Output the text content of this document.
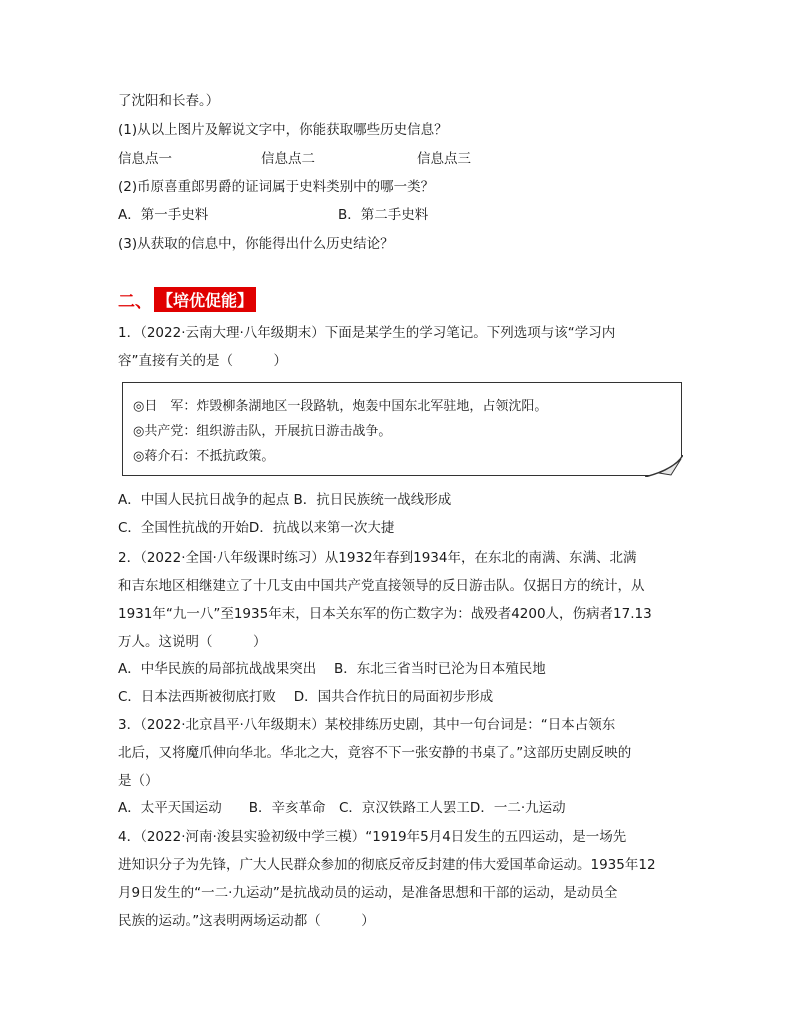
了沈阳和长春。）
(1)从以上图片及解说文字中，你能获取哪些历史信息？
信息点一	信息点二	信息点三
(2)币原喜重郎男爵的证词属于史料类别中的哪一类？
A．第一手史料	B．第二手史料
(3)从获取的信息中，你能得出什么历史结论？
二、 【培优促能】
1．（2022·云南大理·八年级期末）下面是某学生的学习笔记。下列选项与该“学习内
容”直接有关的是（　　　）
◎日　军：炸毁柳条湖地区一段路轨，炮轰中国东北军驻地，占领沈阳。
◎共产党：组织游击队，开展抗日游击战争。
◎蒋介石：不抵抗政策。
A．中国人民抗日战争的起点 B．抗日民族统一战线形成
C．全国性抗战的开始D．抗战以来第一次大捷
2．（2022·全国·八年级课时练习）从1932年春到1934年，在东北的南满、东满、北满
和吉东地区相继建立了十几支由中国共产党直接领导的反日游击队。仅据日方的统计，从
1931年“九一八”至1935年末，日本关东军的伤亡数字为：战殁者4200人，伤病者17.13
万人。这说明（　　　）
A．中华民族的局部抗战战果突出　 B．东北三省当时已沦为日本殖民地
C．日本法西斯被彻底打败　 D．国共合作抗日的局面初步形成
3．（2022·北京昌平·八年级期末）某校排练历史剧，其中一句台词是：“日本占领东
北后，又将魔爪伸向华北。华北之大，竟容不下一张安静的书桌了。”这部历史剧反映的
是（）
A．太平天国运动　　B．辛亥革命　C．京汉铁路工人罢工D．一二·九运动
4．（2022·河南·浚县实验初级中学三模）“1919年5月4日发生的五四运动，是一场先
进知识分子为先锋，广大人民群众参加的彻底反帝反封建的伟大爱国革命运动。1935年12
月9日发生的“一二·九运动”是抗战动员的运动，是准备思想和干部的运动，是动员全
民族的运动。”这表明两场运动都（　　　）
